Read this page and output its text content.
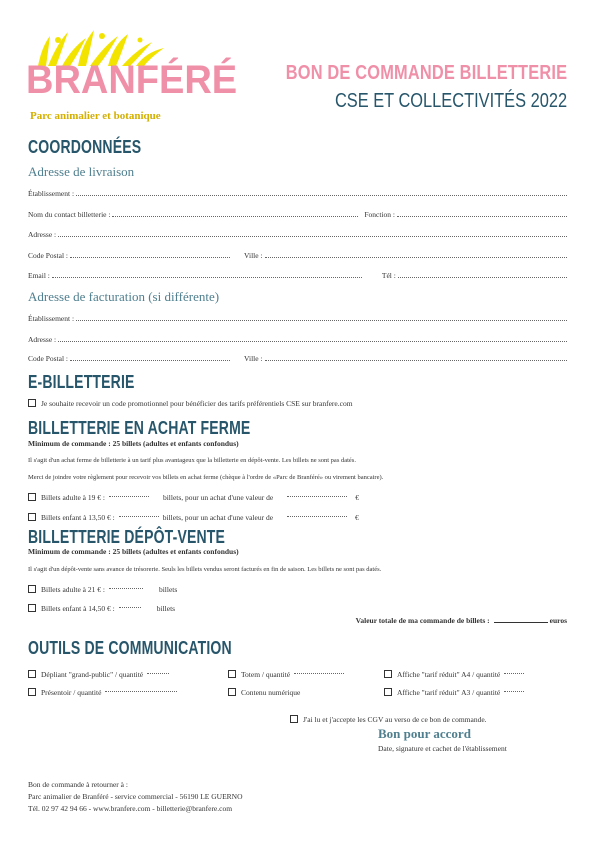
BRANFÉRÉ
Parc animalier et botanique
BON DE COMMANDE BILLETTERIE
CSE ET COLLECTIVITÉS 2022
COORDONNÉES
Adresse de livraison
Établissement :
Nom du contact billetterie :	Fonction :
Adresse :
Code Postal :	Ville :
Email :	Tél :
Adresse de facturation (si différente)
Établissement :
Adresse :
Code Postal :	Ville :
E-BILLETTERIE
Je souhaite recevoir un code promotionnel pour bénéficier des tarifs préférentiels CSE sur branfere.com
BILLETTERIE EN ACHAT FERME
Minimum de commande : 25 billets (adultes et enfants confondus)
Il s'agit d'un achat ferme de billetterie à un tarif plus avantageux que la billetterie en dépôt-vente. Les billets ne sont pas datés.
Merci de joindre votre règlement pour recevoir vos billets en achat ferme (chèque à l'ordre de «Parc de Branféré» ou virement bancaire).
Billets adulte à 19 € :	billets, pour un achat d'une valeur de	€
Billets enfant à 13,50 € :	billets, pour un achat d'une valeur de	€
BILLETTERIE DÉPÔT-VENTE
Minimum de commande : 25 billets (adultes et enfants confondus)
Il s'agit d'un dépôt-vente sans avance de trésorerie. Seuls les billets vendus seront facturés en fin de saison. Les billets ne sont pas datés.
Billets adulte à 21 € :	billets
Billets enfant à 14,50 € :	billets
Valeur totale de ma commande de billets :	euros
OUTILS DE COMMUNICATION
Dépliant "grand-public" / quantité	Totem / quantité	Affiche "tarif réduit" A4 / quantité
Présentoir / quantité	Contenu numérique	Affiche "tarif réduit" A3 / quantité
J'ai lu et j'accepte les CGV au verso de ce bon de commande.
Bon pour accord
Date, signature et cachet de l'établissement
Bon de commande à retourner à :
Parc animalier de Branféré - service commercial - 56190 LE GUERNO
Tél. 02 97 42 94 66 - www.branfere.com - billetterie@branfere.com
